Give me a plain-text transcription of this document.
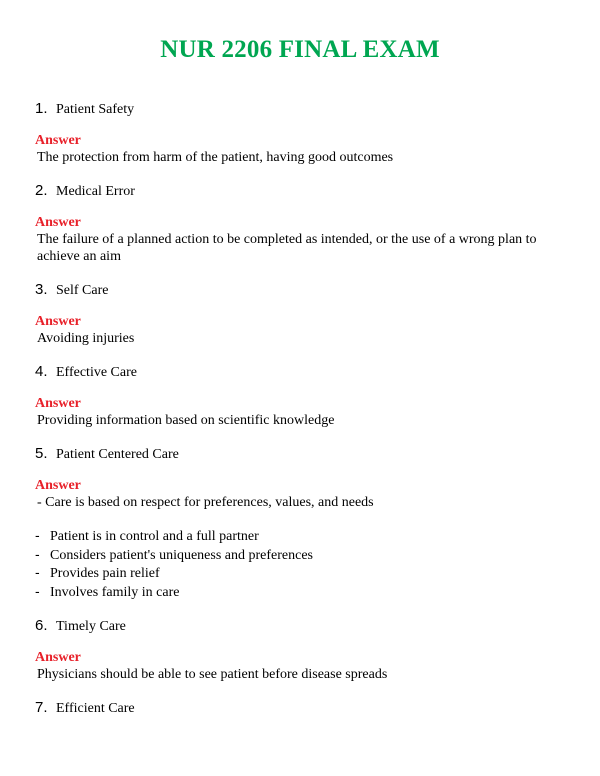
NUR 2206 FINAL EXAM
1. Patient Safety
Answer
The protection from harm of the patient, having good outcomes
2. Medical Error
Answer
The failure of a planned action to be completed as intended, or the use of a wrong plan to achieve an aim
3. Self Care
Answer
Avoiding injuries
4. Effective Care
Answer
Providing information based on scientific knowledge
5. Patient Centered Care
Answer
- Care is based on respect for preferences, values, and needs
- Patient is in control and a full partner
- Considers patient's uniqueness and preferences
- Provides pain relief
- Involves family in care
6. Timely Care
Answer
Physicians should be able to see patient before disease spreads
7. Efficient Care
